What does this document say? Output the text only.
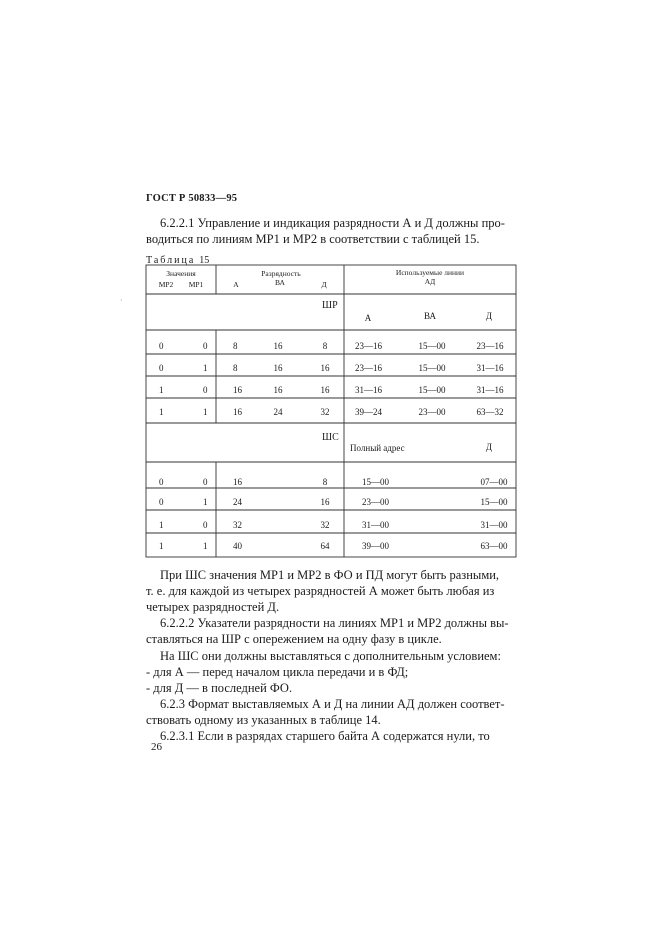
·
ГОСТ Р 50833—95
6.2.2.1 Управление и индикация разрядности А и Д должны про-
водиться по линиям МР1 и МР2 в соответствии с таблицей 15.
Таблица 15
Значения
МР2 МР1
Разрядность
А	ВА	Д
Используемые линии
АД
ШР
А	ВА	Д
0	0	8	16	8	23—16	15—00	23—16
0	1	8	16	16	23—16	15—00	31—16
1	0	16	16	16	31—16	15—00	31—16
1	1	16	24	32	39—24	23—00	63—32
ШС
Полный адрес	Д
0	0	16	8	15—00	07—00
0	1	24	16	23—00	15—00
1	0	32	32	31—00	31—00
1	1	40	64	39—00	63—00
При ШС значения МР1 и МР2 в ФО и ПД могут быть разными,
т. е. для каждой из четырех разрядностей А может быть любая из
четырех разрядностей Д.
6.2.2.2 Указатели разрядности на линиях МР1 и МР2 должны вы-
ставляться на ШР с опережением на одну фазу в цикле.
На ШС они должны выставляться с дополнительным условием:
- для А — перед началом цикла передачи и в ФД;
- для Д — в последней ФО.
6.2.3 Формат выставляемых А и Д на линии АД должен соответ-
ствовать одному из указанных в таблице 14.
6.2.3.1 Если в разрядах старшего байта А содержатся нули, то
26
